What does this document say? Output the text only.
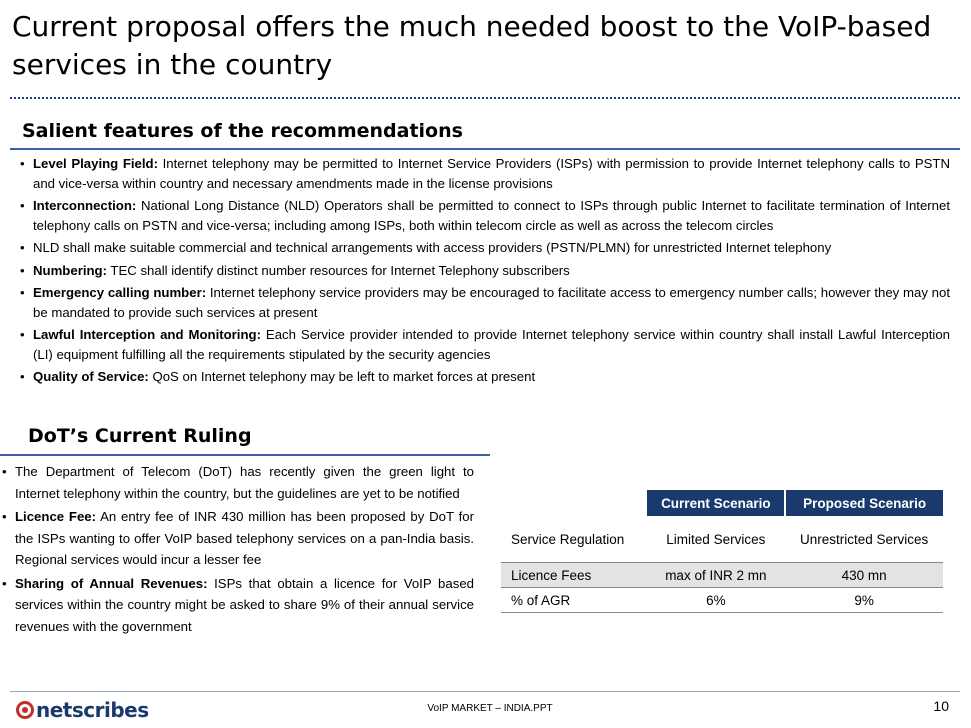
Current proposal offers the much needed boost to the VoIP-based services in the country
Salient features of the recommendations
• Level Playing Field: Internet telephony may be permitted to Internet Service Providers (ISPs) with permission to provide Internet telephony calls to PSTN and vice-versa within country and necessary amendments made in the license provisions
• Interconnection: National Long Distance (NLD) Operators shall be permitted to connect to ISPs through public Internet to facilitate termination of Internet telephony calls on PSTN and vice-versa; including among ISPs, both within telecom circle as well as across the telecom circles
• NLD shall make suitable commercial and technical arrangements with access providers (PSTN/PLMN) for unrestricted Internet telephony
• Numbering: TEC shall identify distinct number resources for Internet Telephony subscribers
• Emergency calling number: Internet telephony service providers may be encouraged to facilitate access to emergency number calls; however they may not be mandated to provide such services at present
• Lawful Interception and Monitoring: Each Service provider intended to provide Internet telephony service within country shall install Lawful Interception (LI) equipment fulfilling all the requirements stipulated by the security agencies
• Quality of Service: QoS on Internet telephony may be left to market forces at present
DoT’s Current Ruling
• The Department of Telecom (DoT) has recently given the green light to Internet telephony within the country, but the guidelines are yet to be notified
• Licence Fee: An entry fee of INR 430 million has been proposed by DoT for the ISPs wanting to offer VoIP based telephony services on a pan-India basis. Regional services would incur a lesser fee
• Sharing of Annual Revenues: ISPs that obtain a licence for VoIP based services within the country might be asked to share 9% of their annual service revenues with the government
	Current Scenario	Proposed Scenario
Service Regulation	Limited Services	Unrestricted Services
Licence Fees	max of INR 2 mn	430 mn
% of AGR	6%	9%
netscribes	VoIP MARKET – INDIA.PPT	10
